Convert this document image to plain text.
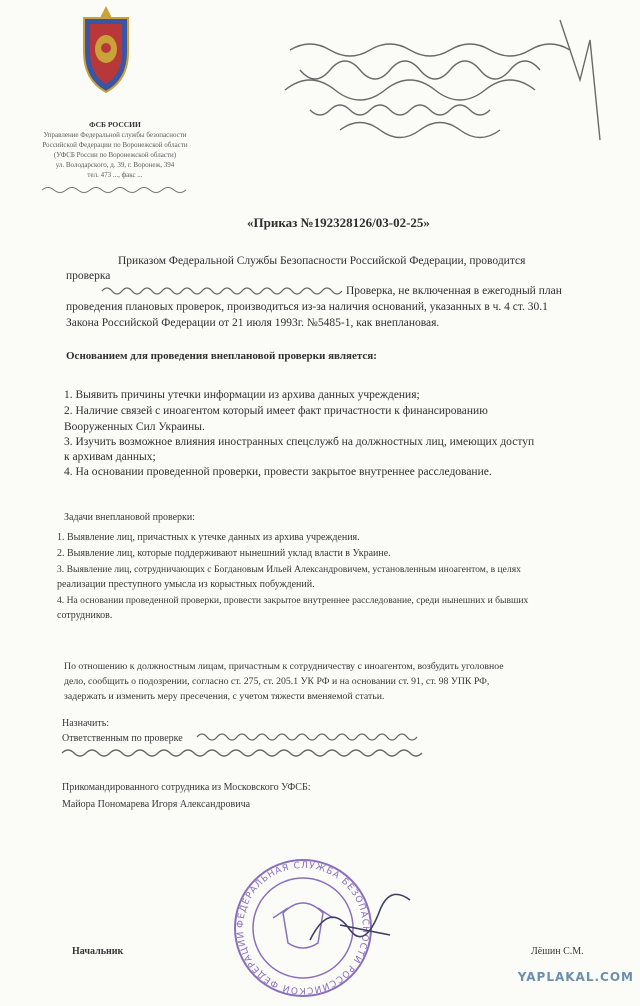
ФСБ РОССИИ
Управление Федеральной службы безопасности
Российской Федерации по Воронежской области
(УФСБ России по Воронежской области)
ул. Володарского, д. 39, г. Воронеж, 394
тел. 473 ..., факс ...
«Приказ №192328126/03-02-25»
Приказом Федеральной Службы Безопасности Российской Федерации, проводится
проверка
Проверка, не включенная в ежегодный план
проведения плановых проверок, производиться из-за наличия оснований, указанных в ч. 4 ст. 30.1
Закона Российской Федерации от 21 июля 1993г. №5485-1, как внеплановая.
Основанием для проведения внеплановой проверки является:
1. Выявить причины утечки информации из архива данных учреждения;
2. Наличие связей с иноагентом который имеет факт причастности к финансированию
Вооруженных Сил Украины.
3. Изучить возможное влияния иностранных спецслужб на должностных лиц, имеющих доступ
к архивам данных;
4. На основании проведенной проверки, провести закрытое внутреннее расследование.
Задачи внеплановой проверки:
1. Выявление лиц, причастных к утечке данных из архива учреждения.
2. Выявление лиц, которые поддерживают нынешний уклад власти в Украине.
3. Выявление лиц, сотрудничающих с Богдановым Ильей Александровичем, установленным иноагентом, в целях
реализации преступного умысла из корыстных побуждений.
4. На основании проведенной проверки, провести закрытое внутреннее расследование, среди нынешних и бывших
сотрудников.
По отношению к должностным лицам, причастным к сотрудничеству с иноагентом, возбудить уголовное
дело, сообщить о подозрении, согласно ст. 275, ст. 205.1 УК РФ и на основании ст. 91, ст. 98 УПК РФ,
задержать и изменить меру пресечения, с учетом тяжести вменяемой статьи.
Назначить:
Ответственным по проверке
Прикомандированного сотрудника из Московского УФСБ:
Майора Пономарева Игоря Александровича
ФЕДЕРАЛЬНАЯ СЛУЖБА БЕЗОПАСНОСТИ РОССИЙСКОЙ ФЕДЕРАЦИИ
Начальник	Лёшин С.М.
YAPLAKAL.COM
